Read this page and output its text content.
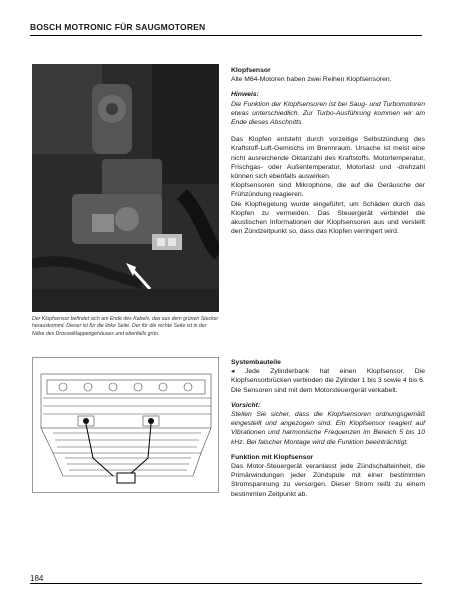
BOSCH MOTRONIC FÜR SAUGMOTOREN
Der Klopfsensor befindet sich am Ende des Kabels, das aus dem grünen Stecker herauskommt. Dieser ist für die linke Seite. Der für die rechte Seite ist in der Nähe des Drosselklappengehäuses und ebenfalls grün.

Klopfsensor

Alle M64-Motoren haben zwei Reihen Klopfsensoren.

Hinweis:

Die Funktion der Klopfsensoren ist bei Saug- und Turbomotoren etwas unterschiedlich. Zur Turbo-Ausführung kommen wir am Ende dieses Abschnitts.

Das Klopfen entsteht durch vorzeitige Selbstzündung des Kraftstoff-Luft-Gemischs im Brennraum. Ursache ist meist eine nicht ausreichende Oktanzahl des Kraftstoffs. Motortemperatur, Frischgas- oder Außentemperatur, Motorlast und -drehzahl können sich ebenfalls auswirken.

Klopfsensoren sind Mikrophone, die auf die Geräusche der Frühzündung reagieren.

Die Klopfregelung wurde eingeführt, um Schäden durch das Klopfen zu vermeiden. Das Steuergerät verbindet die akustischen Informationen der Klopfsensoren aus und verstellt den Zündzeitpunkt so, dass das Klopfen verringert wird.

Systembauteile

◂ Jede Zylinderbank hat einen Klopfsensor. Die Klopfsensorbrücken verbinden die Zylinder 1 bis 3 sowie 4 bis 6.

Die Sensoren sind mit dem Motorsteuergerät verkabelt.

Vorsicht:

Stellen Sie sicher, dass die Klopfsensoren ordnungsgemäß eingestellt und angezogen sind. Ein Klopfsensor reagiert auf Vibrationen und harmonische Frequenzen im Bereich 5 bis 10 kHz. Bei falscher Montage wird die Funktion beeinträchtigt.

Funktion mit Klopfsensor

Das Motor-Steuergerät veranlasst jede Zündschalteinheit, die Primärwindungen jeder Zündspule mit einer bestimmten Stromspannung zu versorgen. Dieser Strom reißt zu einem bestimmten Zeitpunkt ab.

184
